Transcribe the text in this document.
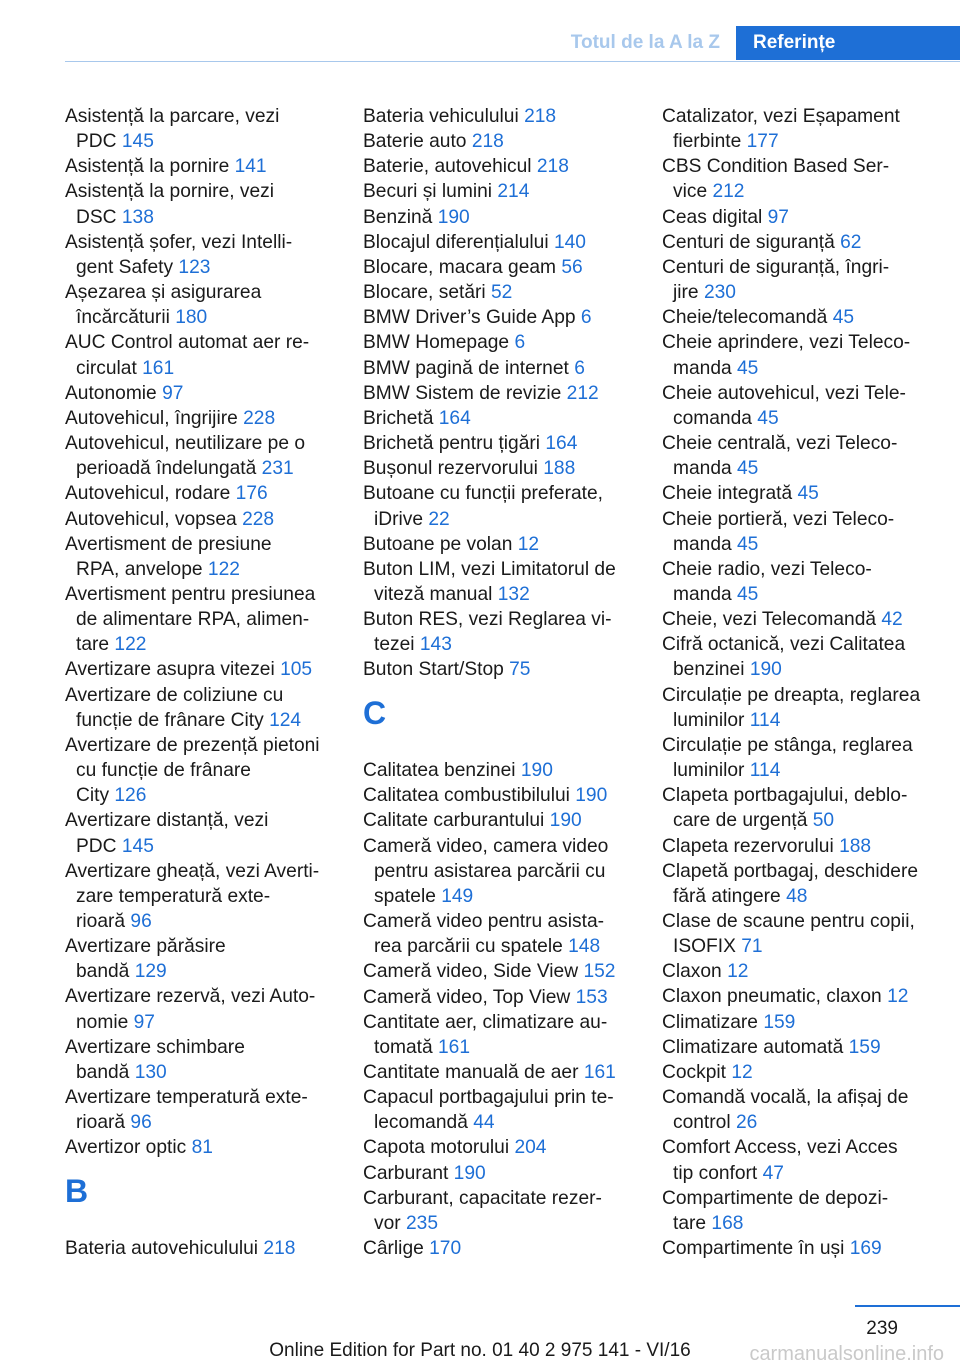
Totul de la A la Z	Referințe
Asistență la parcare, vezi
PDC 145
Asistență la pornire 141
Asistență la pornire, vezi
DSC 138
Asistență șofer, vezi Intelli‐
gent Safety 123
Așezarea și asigurarea
încărcăturii 180
AUC Control automat aer re‐
circulat 161
Autonomie 97
Autovehicul, îngrijire 228
Autovehicul, neutilizare pe o
perioadă îndelungată 231
Autovehicul, rodare 176
Autovehicul, vopsea 228
Avertisment de presiune
RPA, anvelope 122
Avertisment pentru presiunea
de alimentare RPA, alimen‐
tare 122
Avertizare asupra vitezei 105
Avertizare de coliziune cu
funcție de frânare City 124
Avertizare de prezență pietoni
cu funcție de frânare
City 126
Avertizare distanță, vezi
PDC 145
Avertizare gheață, vezi Averti‐
zare temperatură exte‐
rioară 96
Avertizare părăsire
bandă 129
Avertizare rezervă, vezi Auto‐
nomie 97
Avertizare schimbare
bandă 130
Avertizare temperatură exte‐
rioară 96
Avertizor optic 81
B
Bateria autovehiculului 218
Bateria vehiculului 218
Baterie auto 218
Baterie, autovehicul 218
Becuri și lumini 214
Benzină 190
Blocajul diferențialului 140
Blocare, macara geam 56
Blocare, setări 52
BMW Driver’s Guide App 6
BMW Homepage 6
BMW pagină de internet 6
BMW Sistem de revizie 212
Brichetă 164
Brichetă pentru țigări 164
Bușonul rezervorului 188
Butoane cu funcții preferate,
iDrive 22
Butoane pe volan 12
Buton LIM, vezi Limitatorul de
viteză manual 132
Buton RES, vezi Reglarea vi‐
tezei 143
Buton Start/Stop 75
C
Calitatea benzinei 190
Calitatea combustibilului 190
Calitate carburantului 190
Cameră video, camera video
pentru asistarea parcării cu
spatele 149
Cameră video pentru asista‐
rea parcării cu spatele 148
Cameră video, Side View 152
Cameră video, Top View 153
Cantitate aer, climatizare au‐
tomată 161
Cantitate manuală de aer 161
Capacul portbagajului prin te‐
lecomandă 44
Capota motorului 204
Carburant 190
Carburant, capacitate rezer‐
vor 235
Cârlige 170
Catalizator, vezi Eșapament
fierbinte 177
CBS Condition Based Ser‐
vice 212
Ceas digital 97
Centuri de siguranță 62
Centuri de siguranță, îngri‐
jire 230
Cheie/telecomandă 45
Cheie aprindere, vezi Teleco‐
manda 45
Cheie autovehicul, vezi Tele‐
comanda 45
Cheie centrală, vezi Teleco‐
manda 45
Cheie integrată 45
Cheie portieră, vezi Teleco‐
manda 45
Cheie radio, vezi Teleco‐
manda 45
Cheie, vezi Telecomandă 42
Cifră octanică, vezi Calitatea
benzinei 190
Circulație pe dreapta, reglarea
luminilor 114
Circulație pe stânga, reglarea
luminilor 114
Clapeta portbagajului, deblo‐
care de urgență 50
Clapeta rezervorului 188
Clapetă portbagaj, deschidere
fără atingere 48
Clase de scaune pentru copii,
ISOFIX 71
Claxon 12
Claxon pneumatic, claxon 12
Climatizare 159
Climatizare automată 159
Cockpit 12
Comandă vocală, la afișaj de
control 26
Comfort Access, vezi Acces
tip confort 47
Compartimente de depozi‐
tare 168
Compartimente în uși 169
239
Online Edition for Part no. 01 40 2 975 141 - VI/16	carmanualsonline.info
